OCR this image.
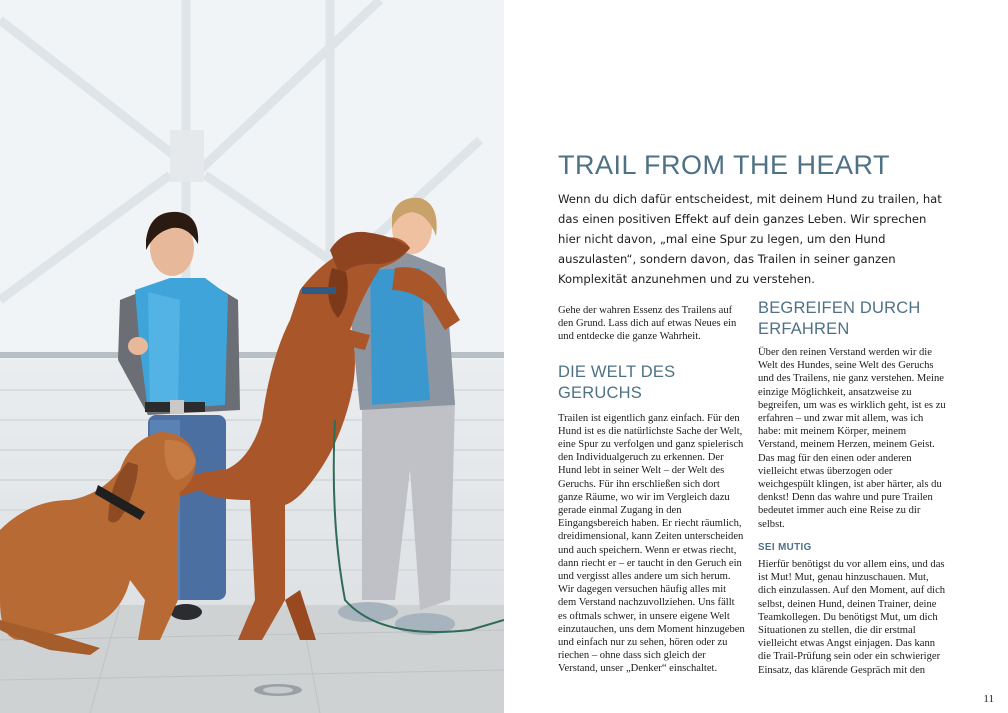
TRAIL FROM THE HEART

Wenn du dich dafür entscheidest, mit deinem Hund zu trailen, hat das einen positiven Effekt auf dein ganzes Leben. Wir sprechen hier nicht davon, „mal eine Spur zu legen, um den Hund auszulasten“, sondern davon, das Trailen in seiner ganzen Komplexität anzunehmen und zu verstehen.

Gehe der wahren Essenz des Trailens auf den Grund. Lass dich auf etwas Neues ein und entdecke die ganze Wahrheit.

DIE WELT DES GERUCHS

Trailen ist eigentlich ganz einfach. Für den Hund ist es die natürlichste Sache der Welt, eine Spur zu verfolgen und ganz spielerisch den Individualgeruch zu erkennen. Der Hund lebt in seiner Welt – der Welt des Geruchs. Für ihn erschließen sich dort ganze Räume, wo wir im Vergleich dazu gerade einmal Zugang in den Eingangsbereich haben. Er riecht räumlich, dreidimensional, kann Zeiten unterscheiden und auch speichern. Wenn er etwas riecht, dann riecht er – er taucht in den Geruch ein und vergisst alles andere um sich herum. Wir dagegen versuchen häufig alles mit dem Verstand nachzuvollziehen. Uns fällt es oftmals schwer, in unsere eigene Welt einzutauchen, uns dem Moment hinzugeben und einfach nur zu sehen, hören oder zu riechen – ohne dass sich gleich der Verstand, unser „Denker“ einschaltet.

BEGREIFEN DURCH ERFAHREN

Über den reinen Verstand werden wir die Welt des Hundes, seine Welt des Geruchs und des Trailens, nie ganz verstehen. Meine einzige Möglichkeit, ansatzweise zu begreifen, um was es wirklich geht, ist es zu erfahren – und zwar mit allem, was ich habe: mit meinem Körper, meinem Verstand, meinem Herzen, meinem Geist. Das mag für den einen oder anderen vielleicht etwas überzogen oder weichgespült klingen, ist aber härter, als du denkst! Denn das wahre und pure Trailen bedeutet immer auch eine Reise zu dir selbst.

SEI MUTIG

Hierfür benötigst du vor allem eins, und das ist Mut! Mut, genau hinzuschauen. Mut, dich einzulassen. Auf den Moment, auf dich selbst, deinen Hund, deinen Trainer, deine Teamkollegen. Du benötigst Mut, um dich Situationen zu stellen, die dir erstmal vielleicht etwas Angst einjagen. Das kann die Trail-Prüfung sein oder ein schwieriger Einsatz, das klärende Gespräch mit den

11
